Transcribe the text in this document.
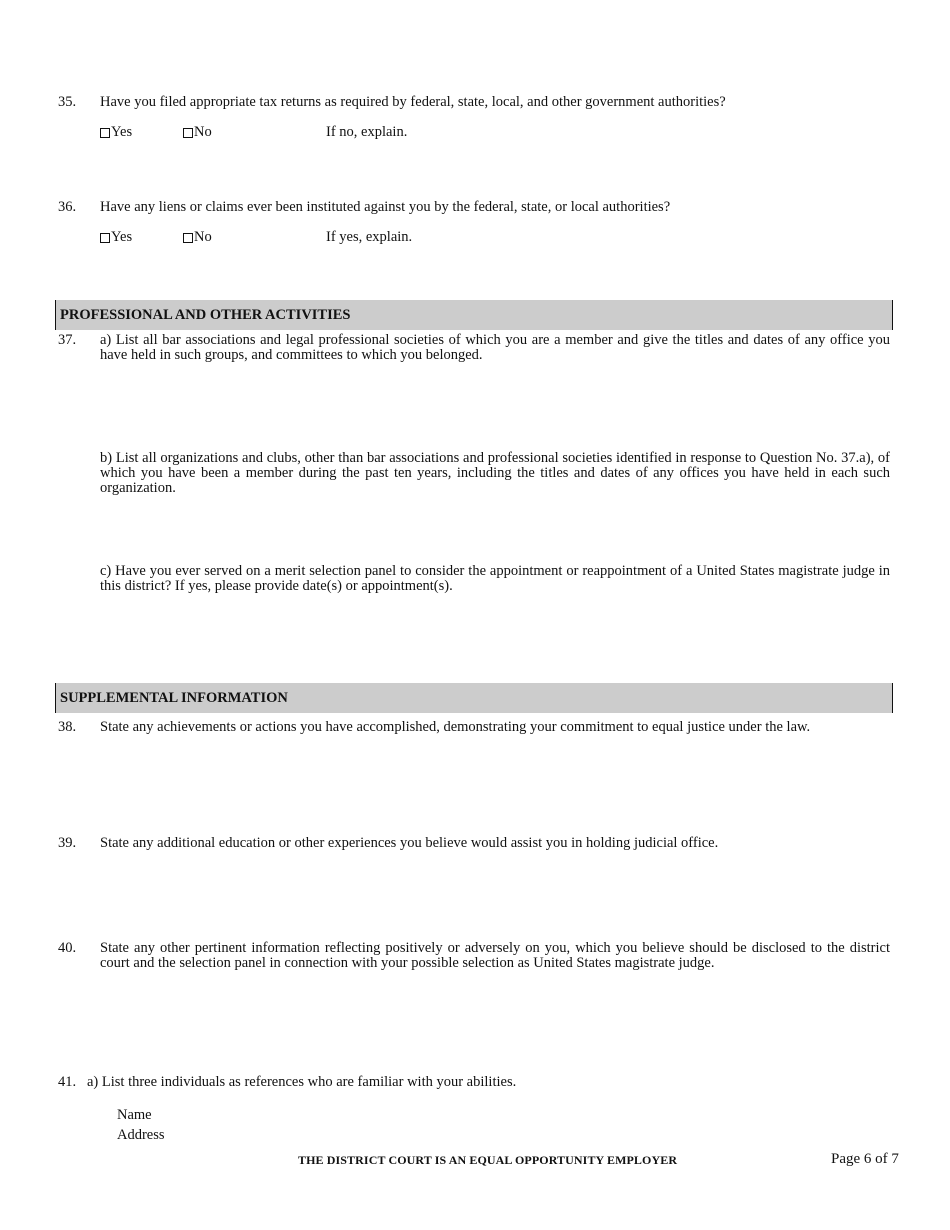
35. Have you filed appropriate tax returns as required by federal, state, local, and other government authorities?
Yes	No	If no, explain.
36. Have any liens or claims ever been instituted against you by the federal, state, or local authorities?
Yes	No	If yes, explain.
PROFESSIONAL AND OTHER ACTIVITIES
37. a) List all bar associations and legal professional societies of which you are a member and give the titles and dates of any office you have held in such groups, and committees to which you belonged.
b) List all organizations and clubs, other than bar associations and professional societies identified in response to Question No. 37.a), of which you have been a member during the past ten years, including the titles and dates of any offices you have held in each such organization.
c) Have you ever served on a merit selection panel to consider the appointment or reappointment of a United States magistrate judge in this district? If yes, please provide date(s) or appointment(s).
SUPPLEMENTAL INFORMATION
38. State any achievements or actions you have accomplished, demonstrating your commitment to equal justice under the law.
39. State any additional education or other experiences you believe would assist you in holding judicial office.
40. State any other pertinent information reflecting positively or adversely on you, which you believe should be disclosed to the district court and the selection panel in connection with your possible selection as United States magistrate judge.
41. a) List three individuals as references who are familiar with your abilities.
Name
Address
THE DISTRICT COURT IS AN EQUAL OPPORTUNITY EMPLOYER	Page 6 of 7
